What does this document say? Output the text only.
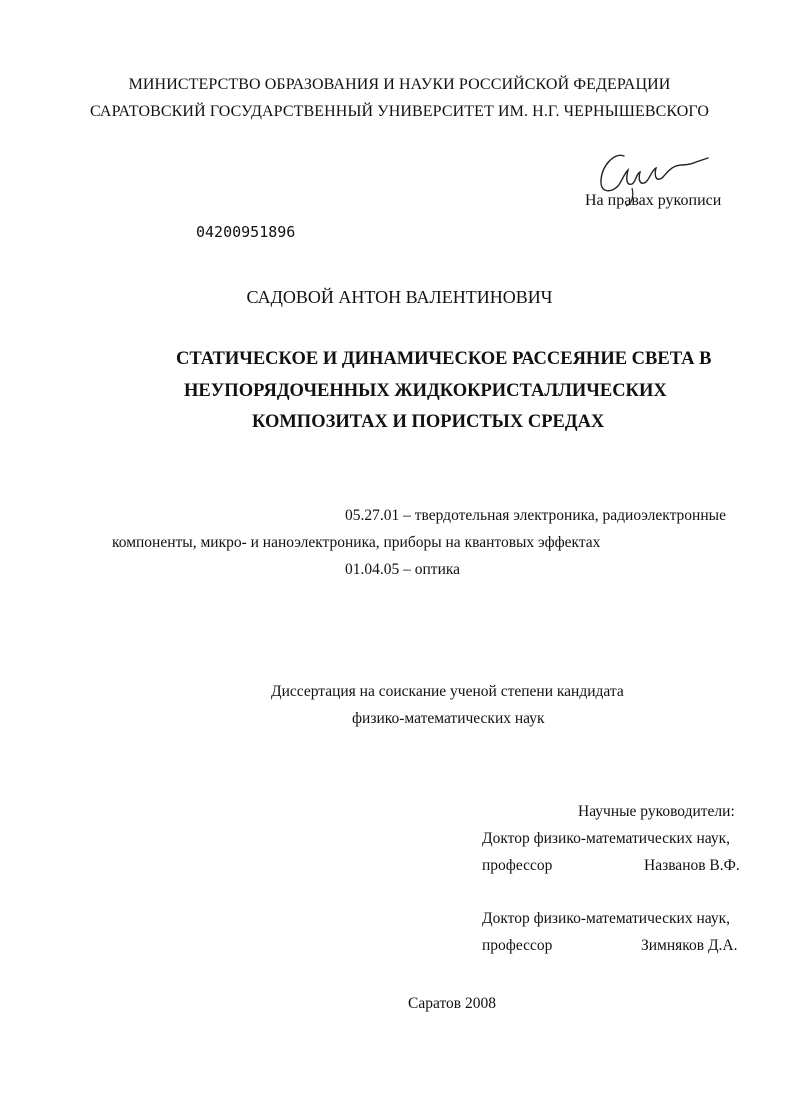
МИНИСТЕРСТВО ОБРАЗОВАНИЯ И НАУКИ РОССИЙСКОЙ ФЕДЕРАЦИИ
САРАТОВСКИЙ ГОСУДАРСТВЕННЫЙ УНИВЕРСИТЕТ ИМ. Н.Г. ЧЕРНЫШЕВСКОГО
На правах рукописи
04200951896
САДОВОЙ АНТОН ВАЛЕНТИНОВИЧ
СТАТИЧЕСКОЕ И ДИНАМИЧЕСКОЕ РАССЕЯНИЕ СВЕТА В
НЕУПОРЯДОЧЕННЫХ ЖИДКОКРИСТАЛЛИЧЕСКИХ
КОМПОЗИТАХ И ПОРИСТЫХ СРЕДАХ
05.27.01 – твердотельная электроника, радиоэлектронные
компоненты, микро- и наноэлектроника, приборы на квантовых эффектах
01.04.05 – оптика
Диссертация на соискание ученой степени кандидата
физико-математических наук
Научные руководители:
Доктор физико-математических наук,
профессор	Названов В.Ф.
Доктор физико-математических наук,
профессор	Зимняков Д.А.
Саратов 2008
